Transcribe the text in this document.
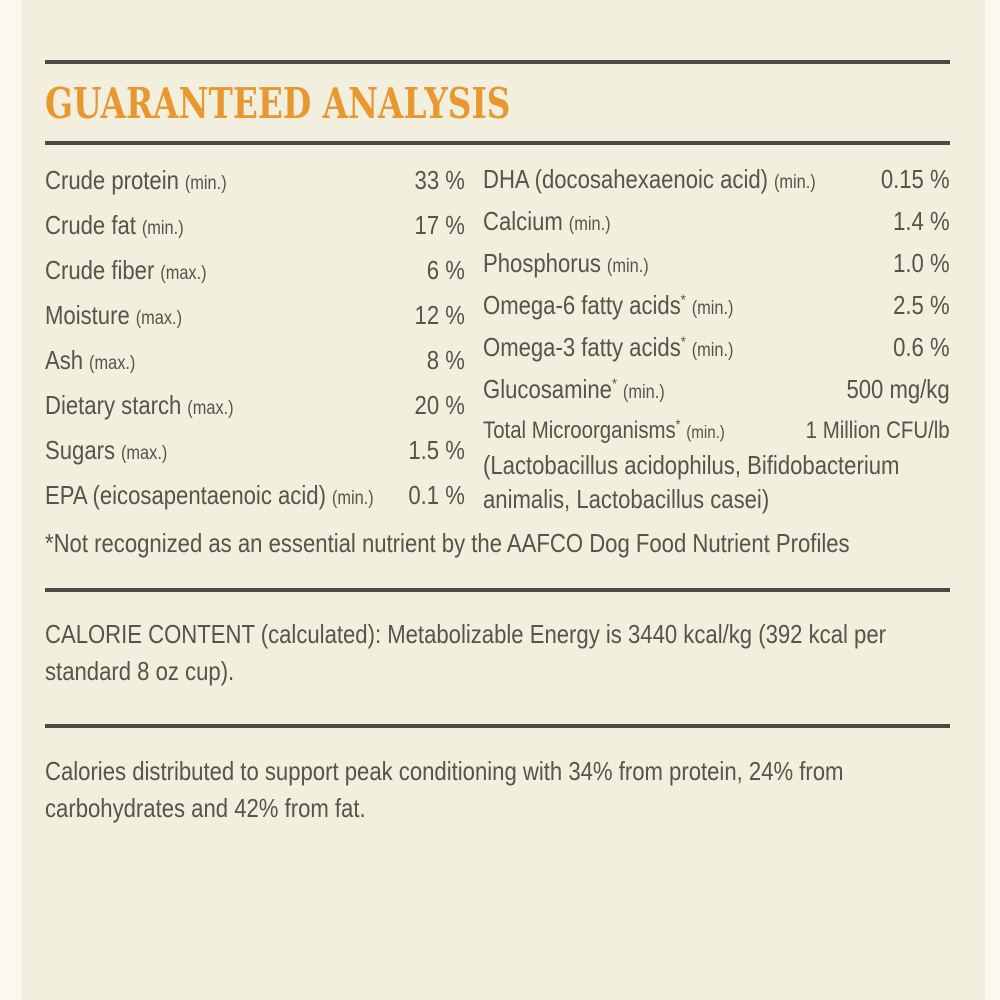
GUARANTEED ANALYSIS
Crude protein (min.)	33 %
Crude fat (min.)	17 %
Crude fiber (max.)	6 %
Moisture (max.)	12 %
Ash (max.)	8 %
Dietary starch (max.)	20 %
Sugars (max.)	1.5 %
EPA (eicosapentaenoic acid) (min.) 0.1 %
DHA (docosahexaenoic acid) (min.)	0.15 %
Calcium (min.)	1.4 %
Phosphorus (min.)	1.0 %
Omega-6 fatty acids* (min.)	2.5 %
Omega-3 fatty acids* (min.)	0.6 %
Glucosamine* (min.)	500 mg/kg
Total Microorganisms* (min.)	1 Million CFU/lb

(Lactobacillus acidophilus, Bifidobacterium animalis, Lactobacillus casei)

*Not recognized as an essential nutrient by the AAFCO Dog Food Nutrient Profiles

CALORIE CONTENT (calculated): Metabolizable Energy is 3440 kcal/kg (392 kcal per standard 8 oz cup).

Calories distributed to support peak conditioning with 34% from protein, 24% from carbohydrates and 42% from fat.
